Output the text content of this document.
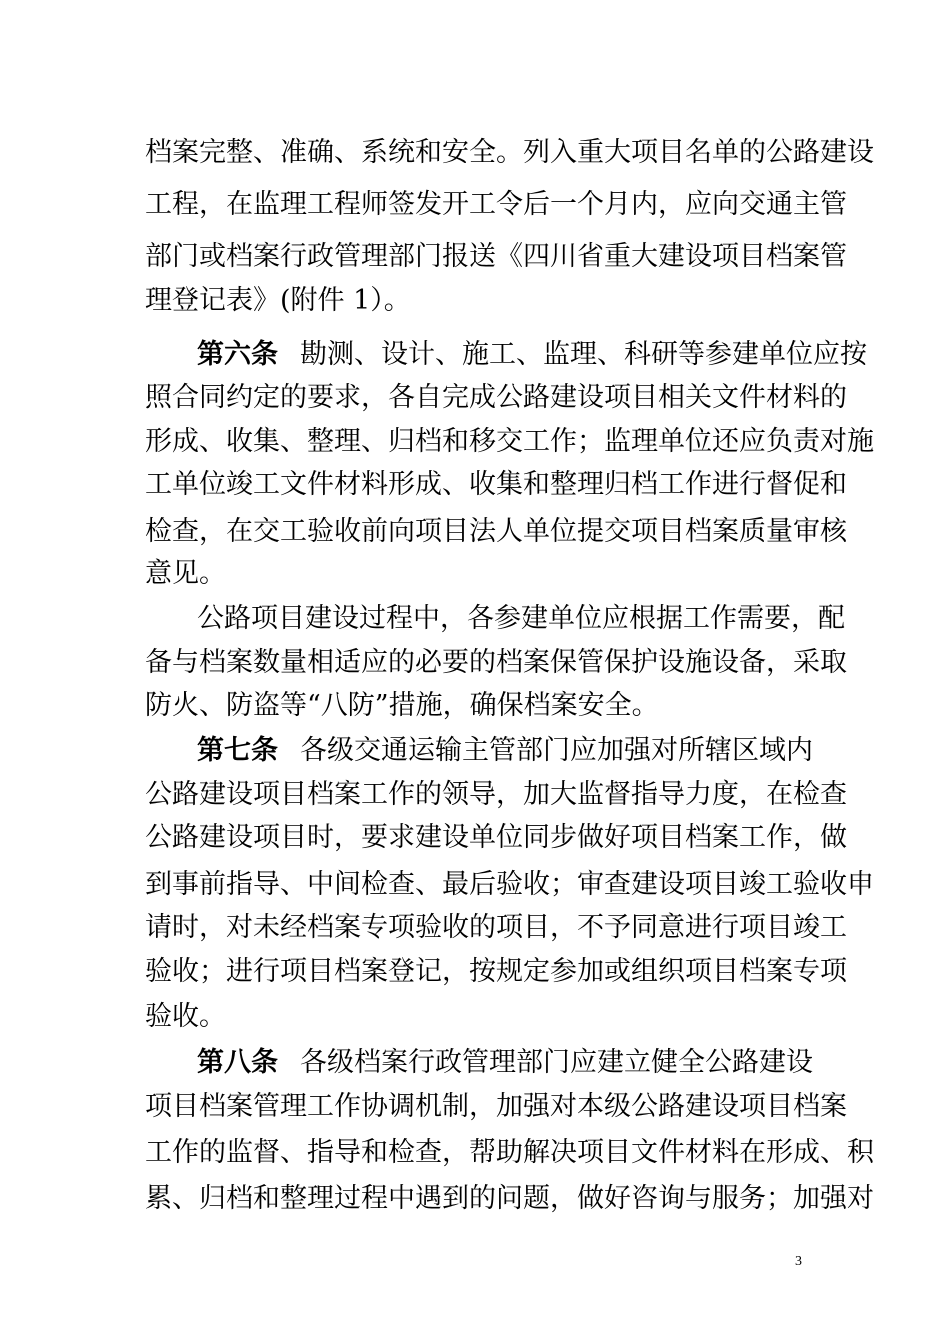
档案完整、准确、系统和安全。列入重大项目名单的公路建设
工程，在监理工程师签发开工令后一个月内，应向交通主管
部门或档案行政管理部门报送《四川省重大建设项目档案管
理登记表》(附件 1）。
第六条 勘测、设计、施工、监理、科研等参建单位应按
照合同约定的要求，各自完成公路建设项目相关文件材料的
形成、收集、整理、归档和移交工作；监理单位还应负责对施
工单位竣工文件材料形成、收集和整理归档工作进行督促和
检查，在交工验收前向项目法人单位提交项目档案质量审核
意见。
公路项目建设过程中，各参建单位应根据工作需要，配
备与档案数量相适应的必要的档案保管保护设施设备，采取
防火、防盗等“八防”措施，确保档案安全。
第七条 各级交通运输主管部门应加强对所辖区域内
公路建设项目档案工作的领导，加大监督指导力度，在检查
公路建设项目时，要求建设单位同步做好项目档案工作，做
到事前指导、中间检查、最后验收；审查建设项目竣工验收申
请时，对未经档案专项验收的项目，不予同意进行项目竣工
验收；进行项目档案登记，按规定参加或组织项目档案专项
验收。
第八条 各级档案行政管理部门应建立健全公路建设
项目档案管理工作协调机制，加强对本级公路建设项目档案
工作的监督、指导和检查，帮助解决项目文件材料在形成、积
累、归档和整理过程中遇到的问题，做好咨询与服务；加强对
3
